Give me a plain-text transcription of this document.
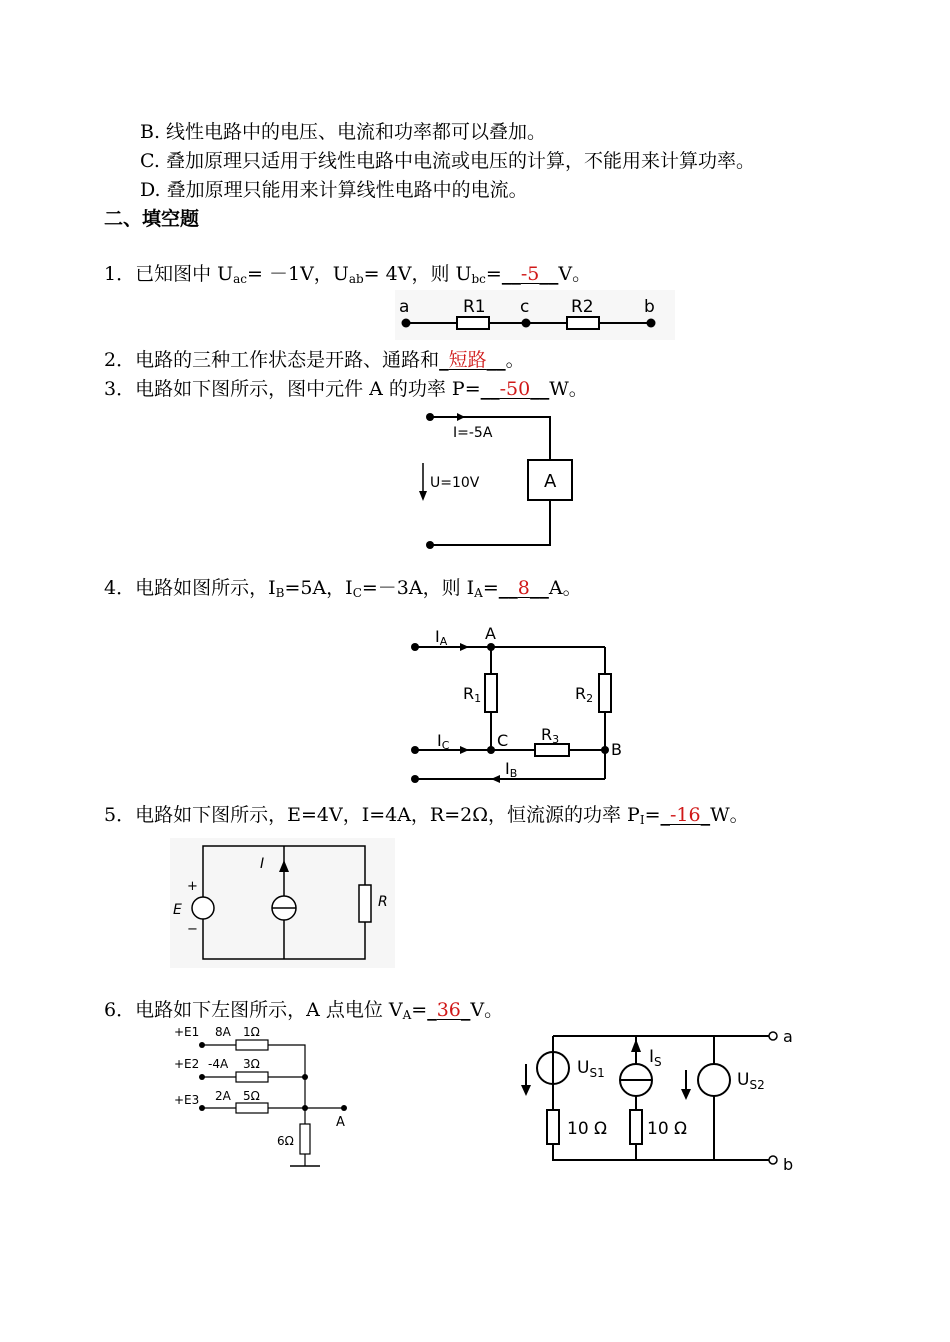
B. 线性电路中的电压、电流和功率都可以叠加。
C. 叠加原理只适用于线性电路中电流或电压的计算，不能用来计算功率。
D. 叠加原理只能用来计算线性电路中的电流。
二、填空题
1．已知图中 $U_{ac}= -1V$，$U_{ab}= 4V$，则 $U_{bc}=\_\_-5\_\_V$。
a	R1 c R2	b
2．电路的三种工作状态是开路、通路和_短路__。
3．电路如下图所示，图中元件 A 的功率 P=__-50__W。
A
I=-5A
U=10V
4．电路如图所示，$I_B=5A$，$I_C=-3A$，则 $I_A=\_\_8\_\_A$。
IA A
R1	R2
IC	C R3
B
IB
5．电路如下图所示，E=4V，I=4A，R=2Ω，恒流源的功率 $P_I=\_-16\_W$。
+
E
−
I
R
6．电路如下左图所示，A 点电位 $V_A=\_36\_V$。
+E1
+E2
+E3
8A
-4A
2A
1Ω
3Ω
5Ω
6Ω
A
$U_{S1}$
$I_S$
$U_{S2}$
10 Ω 10 Ω
a
b
